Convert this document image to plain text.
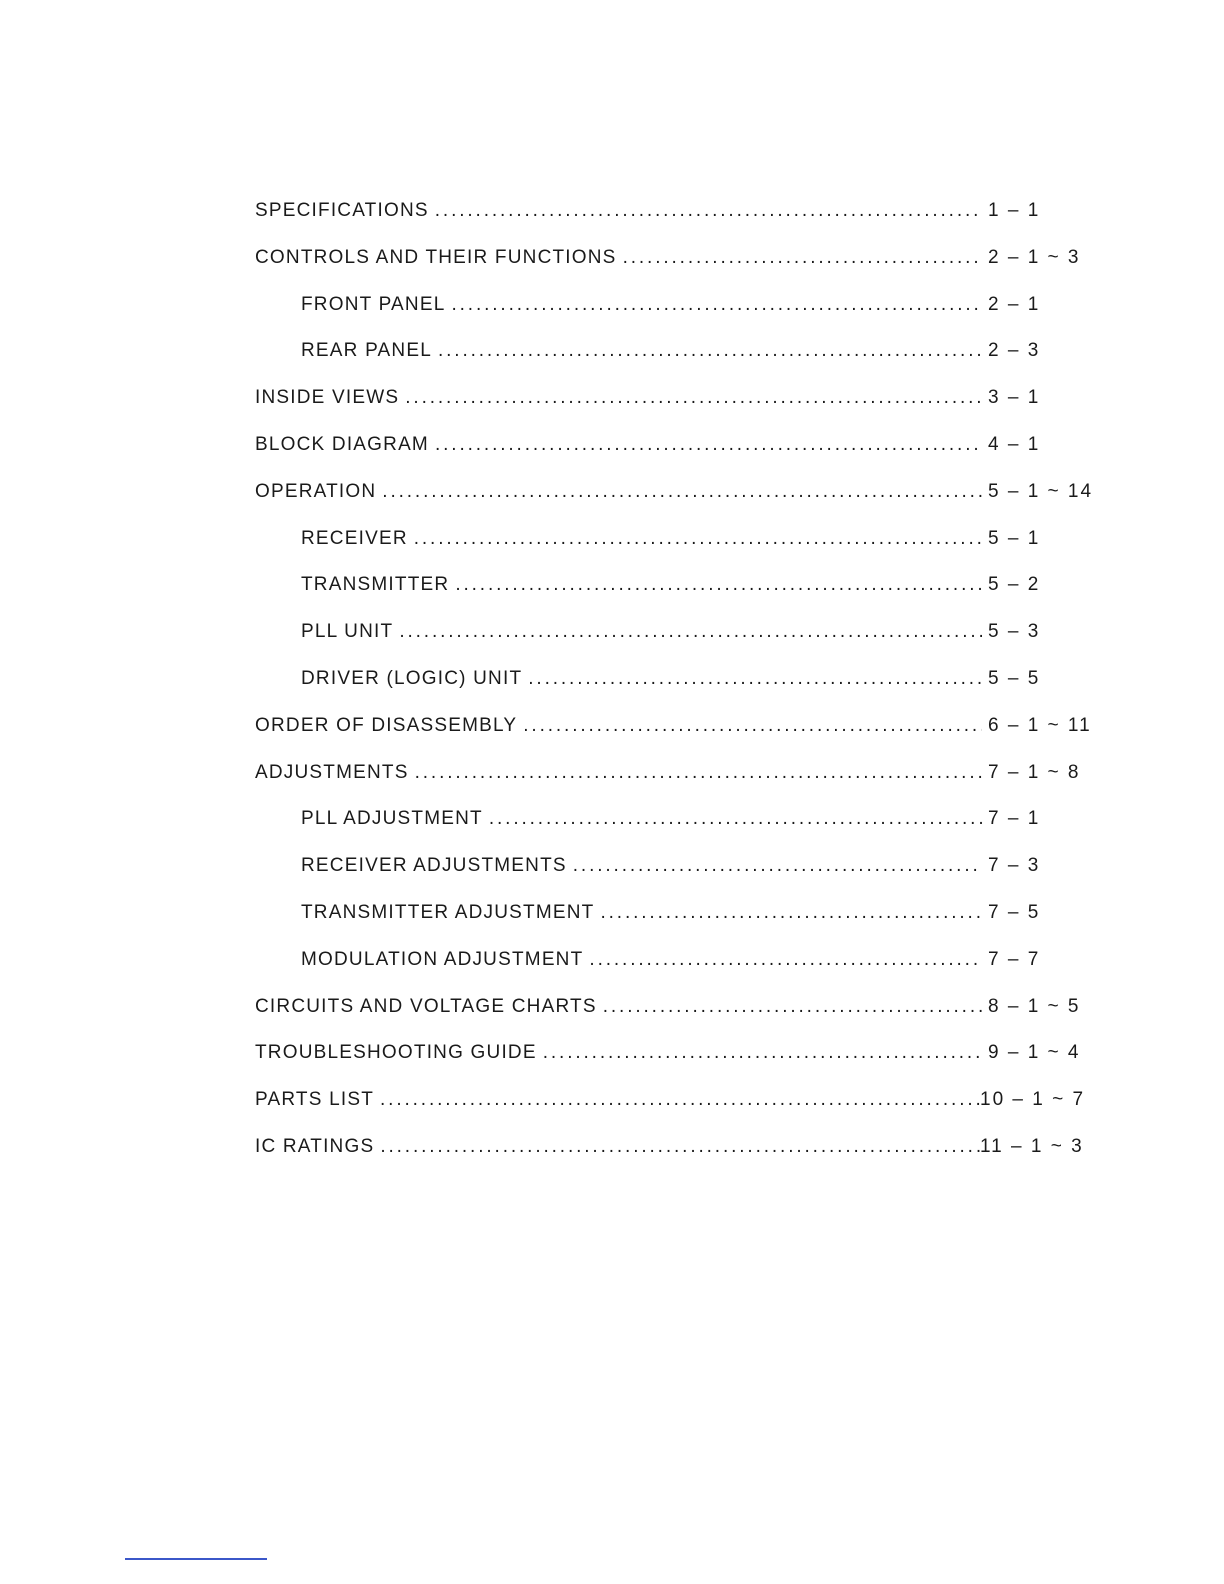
SPECIFICATIONS . . .	1 – 1
CONTROLS AND THEIR FUNCTIONS . . .	2 – 1 ~ 3
FRONT PANEL . . .	2 – 1
REAR PANEL . . .	2 – 3
INSIDE VIEWS . . .	3 – 1
BLOCK DIAGRAM . . .	4 – 1
OPERATION . . .	5 – 1 ~ 14
RECEIVER . . .	5 – 1
TRANSMITTER . . .	5 – 2
PLL UNIT . . .	5 – 3
DRIVER (LOGIC) UNIT . . .	5 – 5
ORDER OF DISASSEMBLY . . .	6 – 1 ~ 11
ADJUSTMENTS . . .	7 – 1 ~ 8
PLL ADJUSTMENT . . .	7 – 1
RECEIVER ADJUSTMENTS . . .	7 – 3
TRANSMITTER ADJUSTMENT . . .	7 – 5
MODULATION ADJUSTMENT . . .	7 – 7
CIRCUITS AND VOLTAGE CHARTS . . .	8 – 1 ~ 5
TROUBLESHOOTING GUIDE . . .	9 – 1 ~ 4
PARTS LIST . . .	10 – 1 ~ 7
IC RATINGS . . .	11 – 1 ~ 3
